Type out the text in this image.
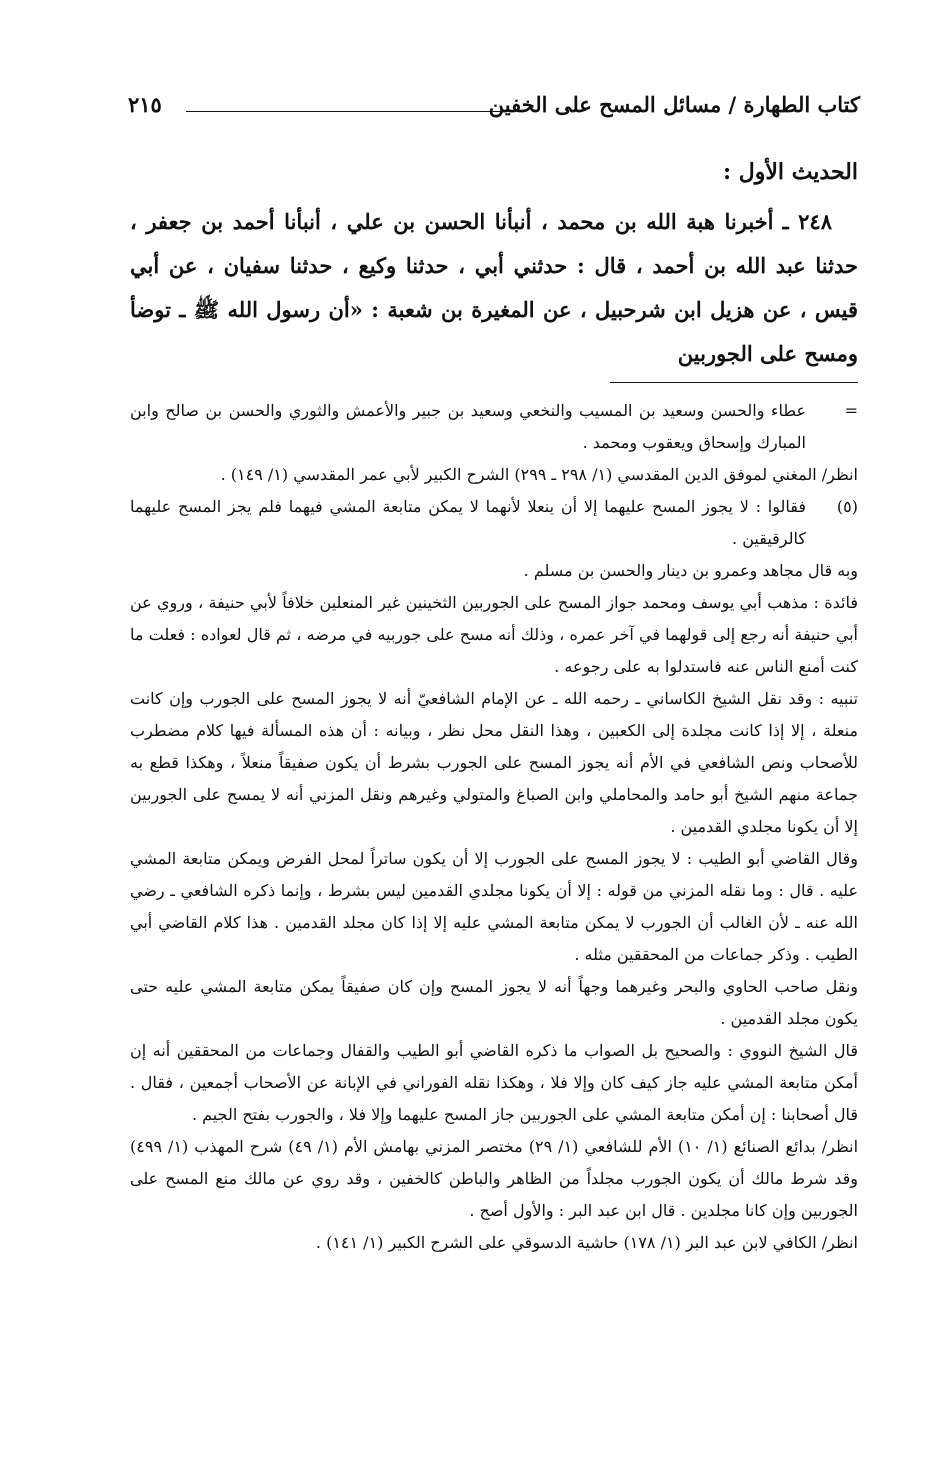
كتاب الطهارة / مسائل المسح على الخفين
٢١٥

الحديث الأول :

٢٤٨ ـ أخبرنا هبة الله بن محمد ، أنبأنا الحسن بن علي ، أنبأنا أحمد بن جعفر ، حدثنا عبد الله بن أحمد ، قال : حدثني أبي ، حدثنا وكيع ، حدثنا سفيان ، عن أبي قيس ، عن هزيل ابن شرحبيل ، عن المغيرة بن شعبة : «أن رسول الله ﷺ ـ توضأ ومسح على الجوربين

=
عطاء والحسن وسعيد بن المسيب والنخعي وسعيد بن جبير والأعمش والثوري والحسن بن صالح وابن المبارك وإسحاق ويعقوب ومحمد .

انظر/ المغني لموفق الدين المقدسي (١/ ٢٩٨ ـ ٢٩٩) الشرح الكبير لأبي عمر المقدسي (١/ ١٤٩) .

(٥)
فقالوا : لا يجوز المسح عليهما إلا أن ينعلا لأنهما لا يمكن متابعة المشي فيهما فلم يجز المسح عليهما كالرقيقين .

وبه قال مجاهد وعمرو بن دينار والحسن بن مسلم .

فائدة : مذهب أبي يوسف ومحمد جواز المسح على الجوربين الثخينين غير المنعلين خلافاً لأبي حنيفة ، وروي عن أبي حنيفة أنه رجع إلى قولهما في آخر عمره ، وذلك أنه مسح على جوربيه في مرضه ، ثم قال لعواده : فعلت ما كنت أمنع الناس عنه فاستدلوا به على رجوعه .

تنبيه : وقد نقل الشيخ الكاساني ـ رحمه الله ـ عن الإمام الشافعيّ أنه لا يجوز المسح على الجورب وإن كانت منعلة ، إلا إذا كانت مجلدة إلى الكعبين ، وهذا النقل محل نظر ، وبيانه : أن هذه المسألة فيها كلام مضطرب للأصحاب ونص الشافعي في الأم أنه يجوز المسح على الجورب بشرط أن يكون صفيقاً منعلاً ، وهكذا قطع به جماعة منهم الشيخ أبو حامد والمحاملي وابن الصباغ والمتولي وغيرهم ونقل المزني أنه لا يمسح على الجوربين إلا أن يكونا مجلدي القدمين .

وقال القاضي أبو الطيب : لا يجوز المسح على الجورب إلا أن يكون ساتراً لمحل الفرض ويمكن متابعة المشي عليه . قال : وما نقله المزني من قوله : إلا أن يكونا مجلدي القدمين ليس بشرط ، وإنما ذكره الشافعي ـ رضي الله عنه ـ لأن الغالب أن الجورب لا يمكن متابعة المشي عليه إلا إذا كان مجلد القدمين . هذا كلام القاضي أبي الطيب . وذكر جماعات من المحققين مثله .

ونقل صاحب الحاوي والبحر وغيرهما وجهاً أنه لا يجوز المسح وإن كان صفيقاً يمكن متابعة المشي عليه حتى يكون مجلد القدمين .

قال الشيخ النووي : والصحيح بل الصواب ما ذكره القاضي أبو الطيب والقفال وجماعات من المحققين أنه إن أمكن متابعة المشي عليه جاز كيف كان وإلا فلا ، وهكذا نقله الفوراني في الإبانة عن الأصحاب أجمعين ، فقال . قال أصحابنا : إن أمكن متابعة المشي على الجوربين جاز المسح عليهما وإلا فلا ، والجورب بفتح الجيم .

انظر/ بدائع الصنائع (١/ ١٠) الأم للشافعي (١/ ٢٩) مختصر المزني بهامش الأم (١/ ٤٩) شرح المهذب (١/ ٤٩٩) وقد شرط مالك أن يكون الجورب مجلداً من الظاهر والباطن كالخفين ، وقد روي عن مالك منع المسح على الجوربين وإن كانا مجلدين . قال ابن عبد البر : والأول أصح .

انظر/ الكافي لابن عبد البر (١/ ١٧٨) حاشية الدسوقي على الشرح الكبير (١/ ١٤١) .
